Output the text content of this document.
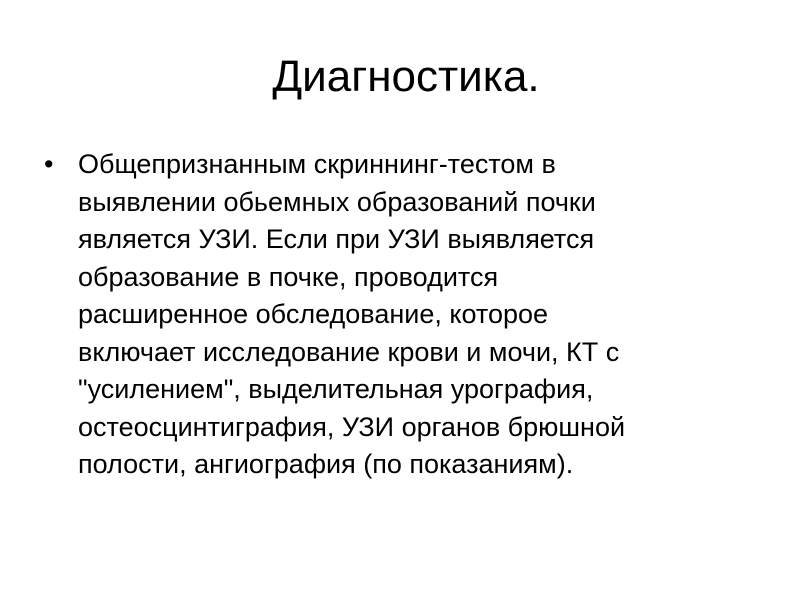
Диагностика.
• Общепризнанным скриннинг-тестом в
выявлении обьемных образований почки
является УЗИ. Если при УЗИ выявляется
образование в почке, проводится
расширенное обследование, которое
включает исследование крови и мочи, КТ с
"усилением", выделительная урография,
остеосцинтиграфия, УЗИ органов брюшной
полости, ангиография (по показаниям).
